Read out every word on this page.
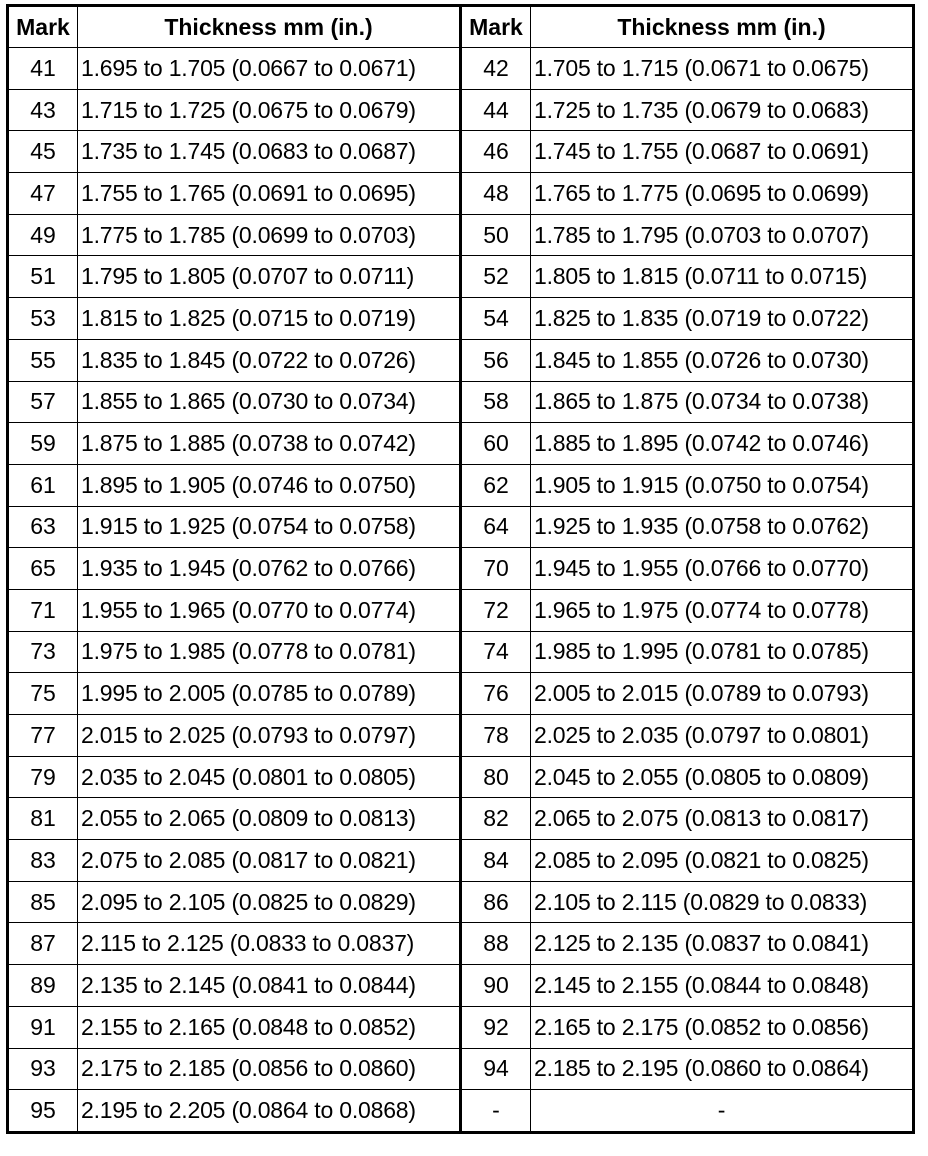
Mark	Thickness mm (in.)	Mark	Thickness mm (in.)
41	1.695 to 1.705 (0.0667 to 0.0671)	42	1.705 to 1.715 (0.0671 to 0.0675)
43	1.715 to 1.725 (0.0675 to 0.0679)	44	1.725 to 1.735 (0.0679 to 0.0683)
45	1.735 to 1.745 (0.0683 to 0.0687)	46	1.745 to 1.755 (0.0687 to 0.0691)
47	1.755 to 1.765 (0.0691 to 0.0695)	48	1.765 to 1.775 (0.0695 to 0.0699)
49	1.775 to 1.785 (0.0699 to 0.0703)	50	1.785 to 1.795 (0.0703 to 0.0707)
51	1.795 to 1.805 (0.0707 to 0.0711)	52	1.805 to 1.815 (0.0711 to 0.0715)
53	1.815 to 1.825 (0.0715 to 0.0719)	54	1.825 to 1.835 (0.0719 to 0.0722)
55	1.835 to 1.845 (0.0722 to 0.0726)	56	1.845 to 1.855 (0.0726 to 0.0730)
57	1.855 to 1.865 (0.0730 to 0.0734)	58	1.865 to 1.875 (0.0734 to 0.0738)
59	1.875 to 1.885 (0.0738 to 0.0742)	60	1.885 to 1.895 (0.0742 to 0.0746)
61	1.895 to 1.905 (0.0746 to 0.0750)	62	1.905 to 1.915 (0.0750 to 0.0754)
63	1.915 to 1.925 (0.0754 to 0.0758)	64	1.925 to 1.935 (0.0758 to 0.0762)
65	1.935 to 1.945 (0.0762 to 0.0766)	70	1.945 to 1.955 (0.0766 to 0.0770)
71	1.955 to 1.965 (0.0770 to 0.0774)	72	1.965 to 1.975 (0.0774 to 0.0778)
73	1.975 to 1.985 (0.0778 to 0.0781)	74	1.985 to 1.995 (0.0781 to 0.0785)
75	1.995 to 2.005 (0.0785 to 0.0789)	76	2.005 to 2.015 (0.0789 to 0.0793)
77	2.015 to 2.025 (0.0793 to 0.0797)	78	2.025 to 2.035 (0.0797 to 0.0801)
79	2.035 to 2.045 (0.0801 to 0.0805)	80	2.045 to 2.055 (0.0805 to 0.0809)
81	2.055 to 2.065 (0.0809 to 0.0813)	82	2.065 to 2.075 (0.0813 to 0.0817)
83	2.075 to 2.085 (0.0817 to 0.0821)	84	2.085 to 2.095 (0.0821 to 0.0825)
85	2.095 to 2.105 (0.0825 to 0.0829)	86	2.105 to 2.115 (0.0829 to 0.0833)
87	2.115 to 2.125 (0.0833 to 0.0837)	88	2.125 to 2.135 (0.0837 to 0.0841)
89	2.135 to 2.145 (0.0841 to 0.0844)	90	2.145 to 2.155 (0.0844 to 0.0848)
91	2.155 to 2.165 (0.0848 to 0.0852)	92	2.165 to 2.175 (0.0852 to 0.0856)
93	2.175 to 2.185 (0.0856 to 0.0860)	94	2.185 to 2.195 (0.0860 to 0.0864)
95	2.195 to 2.205 (0.0864 to 0.0868)	-	-
